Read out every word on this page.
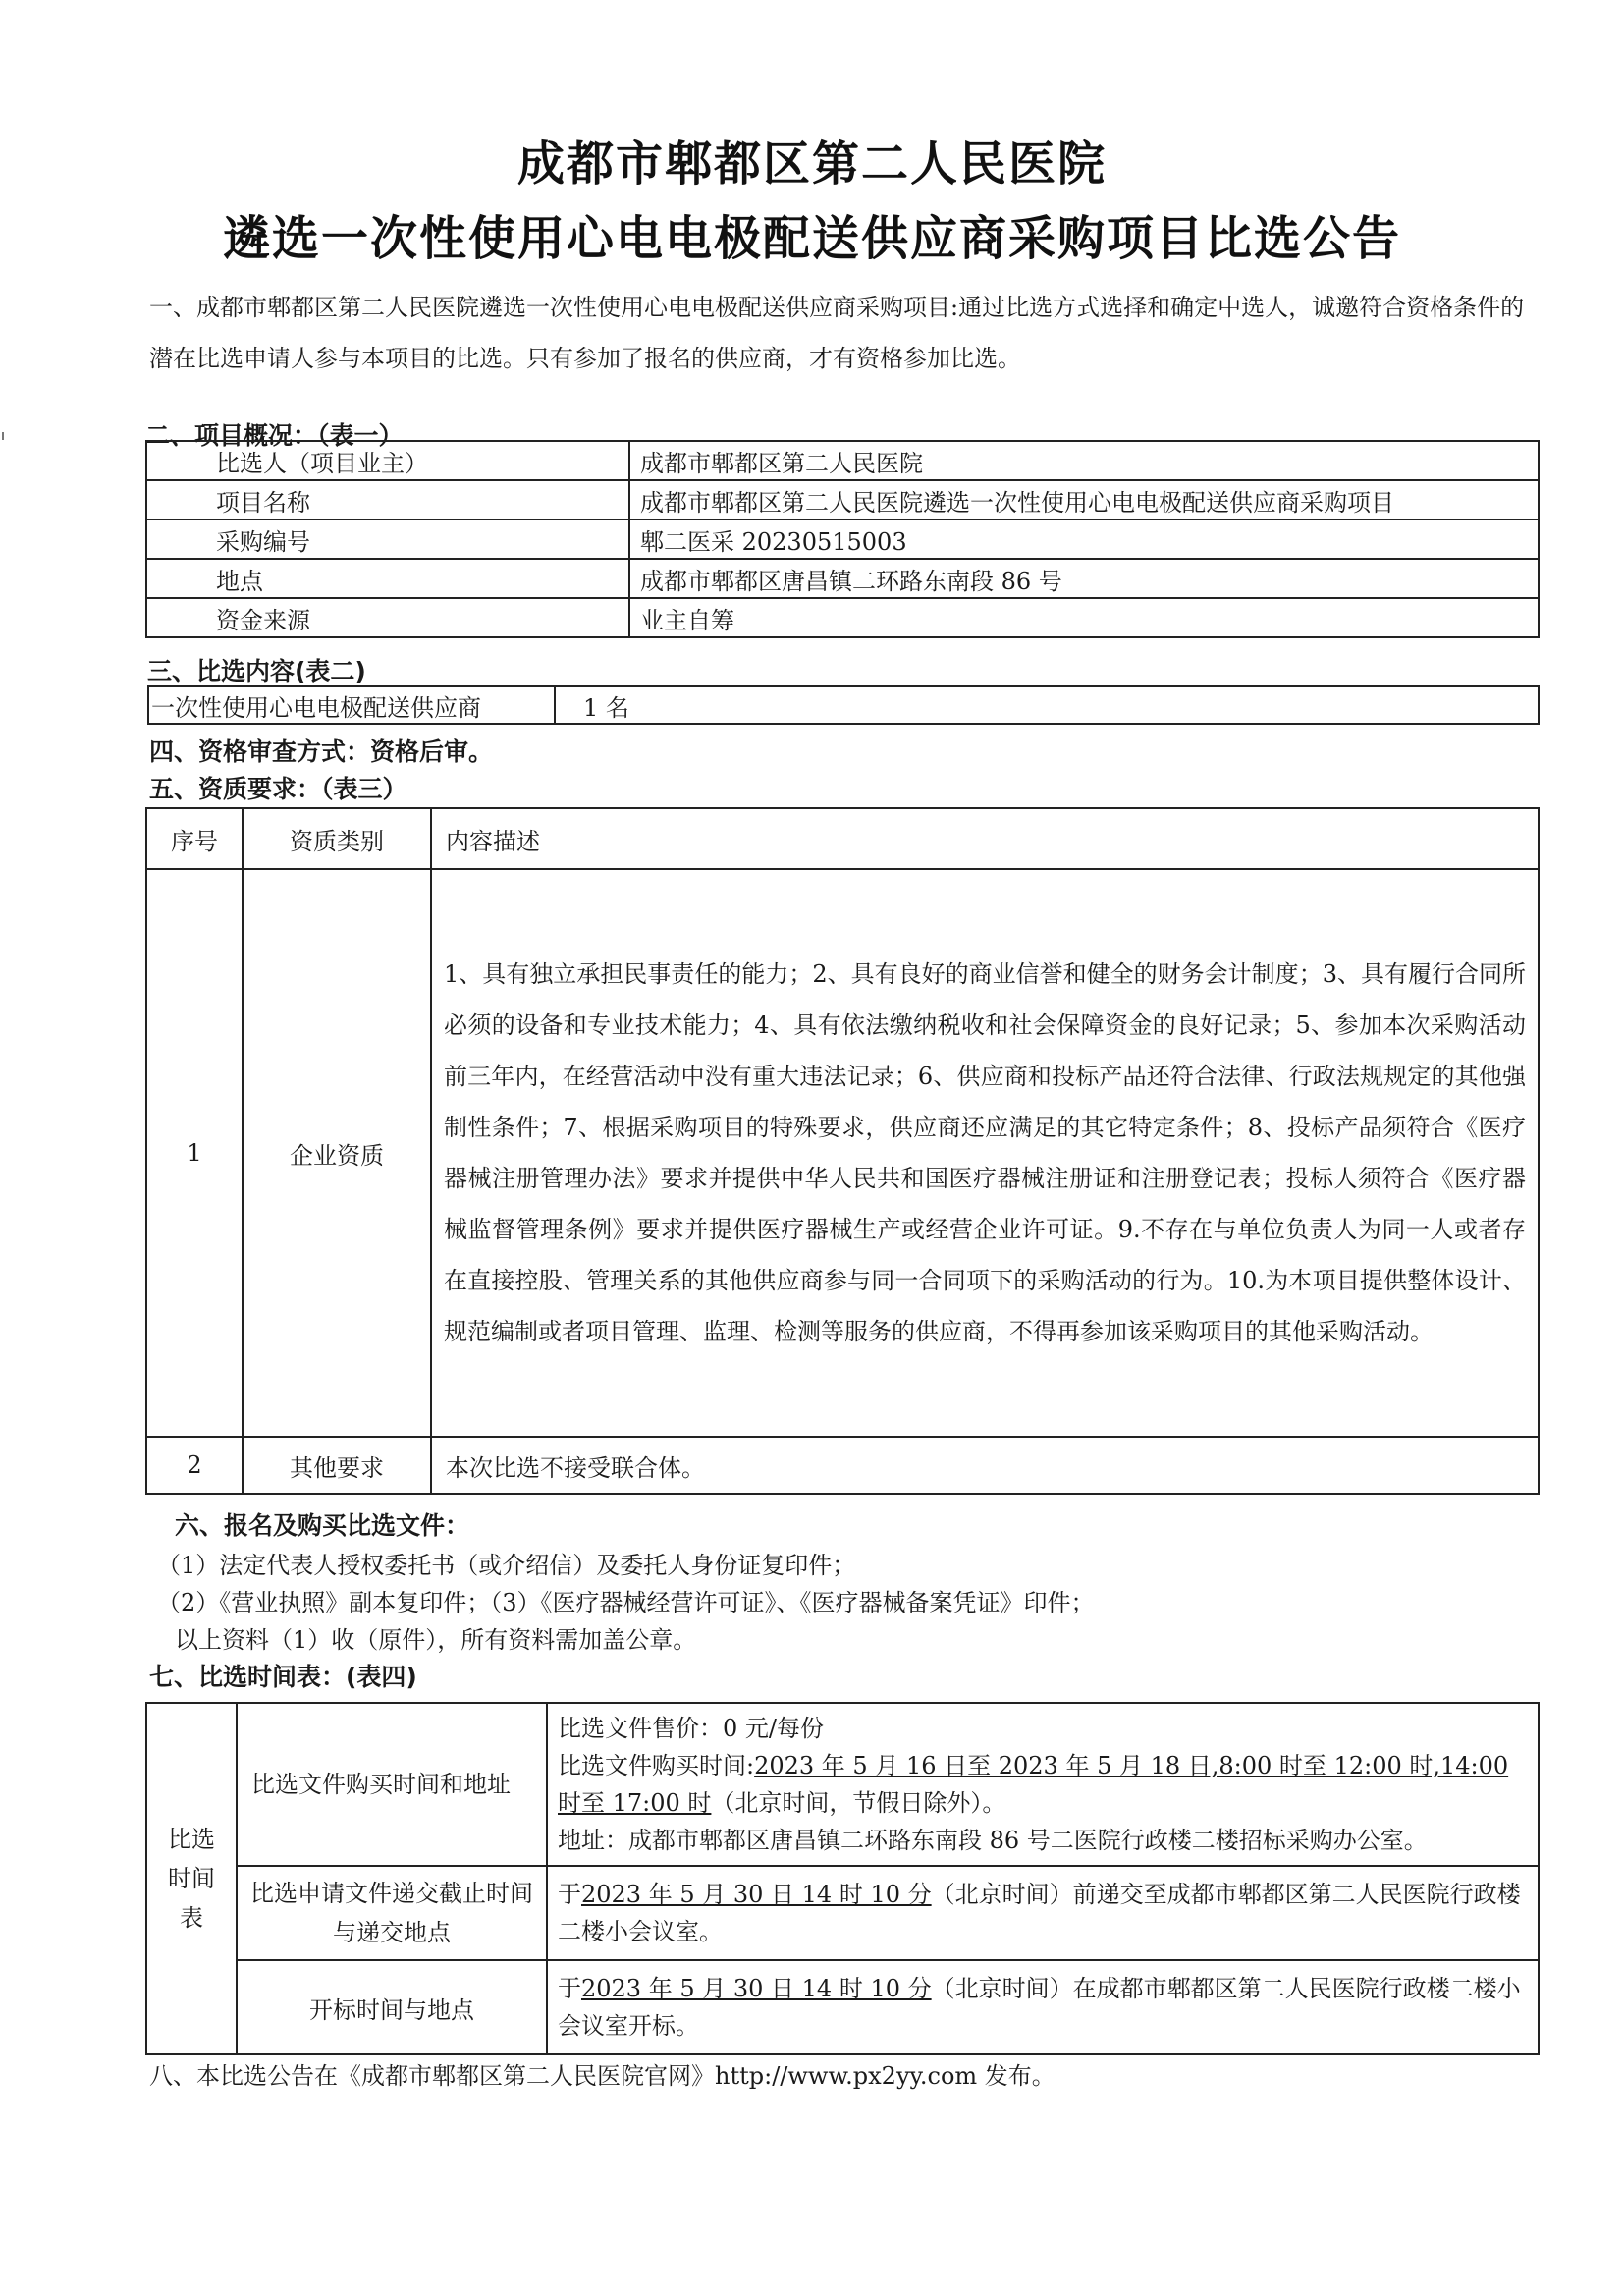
成都市郫都区第二人民医院
遴选一次性使用心电电极配送供应商采购项目比选公告
一、成都市郫都区第二人民医院遴选一次性使用心电电极配送供应商采购项目:通过比选方式选择和确定中选人，诚邀符合资格条件的潜在比选申请人参与本项目的比选。只有参加了报名的供应商，才有资格参加比选。
二、项目概况：（表一）
比选人（项目业主）	成都市郫都区第二人民医院
项目名称	成都市郫都区第二人民医院遴选一次性使用心电电极配送供应商采购项目
采购编号	郫二医采 20230515003
地点	成都市郫都区唐昌镇二环路东南段 86 号
资金来源	业主自筹
三、比选内容(表二)
一次性使用心电电极配送供应商	1 名
四、资格审查方式：资格后审。
五、资质要求：（表三）
序号	资质类别	内容描述
1	企业资质	1、具有独立承担民事责任的能力；2、具有良好的商业信誉和健全的财务会计制度；3、具有履行合同所必须的设备和专业技术能力；4、具有依法缴纳税收和社会保障资金的良好记录；5、参加本次采购活动前三年内，在经营活动中没有重大违法记录；6、供应商和投标产品还符合法律、行政法规规定的其他强制性条件；7、根据采购项目的特殊要求，供应商还应满足的其它特定条件；8、投标产品须符合《医疗器械注册管理办法》要求并提供中华人民共和国医疗器械注册证和注册登记表；投标人须符合《医疗器械监督管理条例》要求并提供医疗器械生产或经营企业许可证。9.不存在与单位负责人为同一人或者存在直接控股、管理关系的其他供应商参与同一合同项下的采购活动的行为。10.为本项目提供整体设计、规范编制或者项目管理、监理、检测等服务的供应商，不得再参加该采购项目的其他采购活动。
2	其他要求	本次比选不接受联合体。
六、报名及购买比选文件：
（1）法定代表人授权委托书（或介绍信）及委托人身份证复印件；
（2）《营业执照》副本复印件；（3）《医疗器械经营许可证》、《医疗器械备案凭证》印件；
以上资料（1）收（原件），所有资料需加盖公章。
七、比选时间表：(表四)
比选时间表	比选文件购买时间和地址	比选文件售价：0 元/每份
比选文件购买时间:2023 年 5 月 16 日至 2023 年 5 月 18 日,8:00 时至 12:00 时,14:00 时至 17:00 时（北京时间，节假日除外）。
地址：成都市郫都区唐昌镇二环路东南段 86 号二医院行政楼二楼招标采购办公室。

	比选申请文件递交截止时间与递交地点	于2023 年 5 月 30 日 14 时 10 分（北京时间）前递交至成都市郫都区第二人民医院行政楼二楼小会议室。
	开标时间与地点	于2023 年 5 月 30 日 14 时 10 分（北京时间）在成都市郫都区第二人民医院行政楼二楼小会议室开标。
八、本比选公告在《成都市郫都区第二人民医院官网》http://www.px2yy.com 发布。
